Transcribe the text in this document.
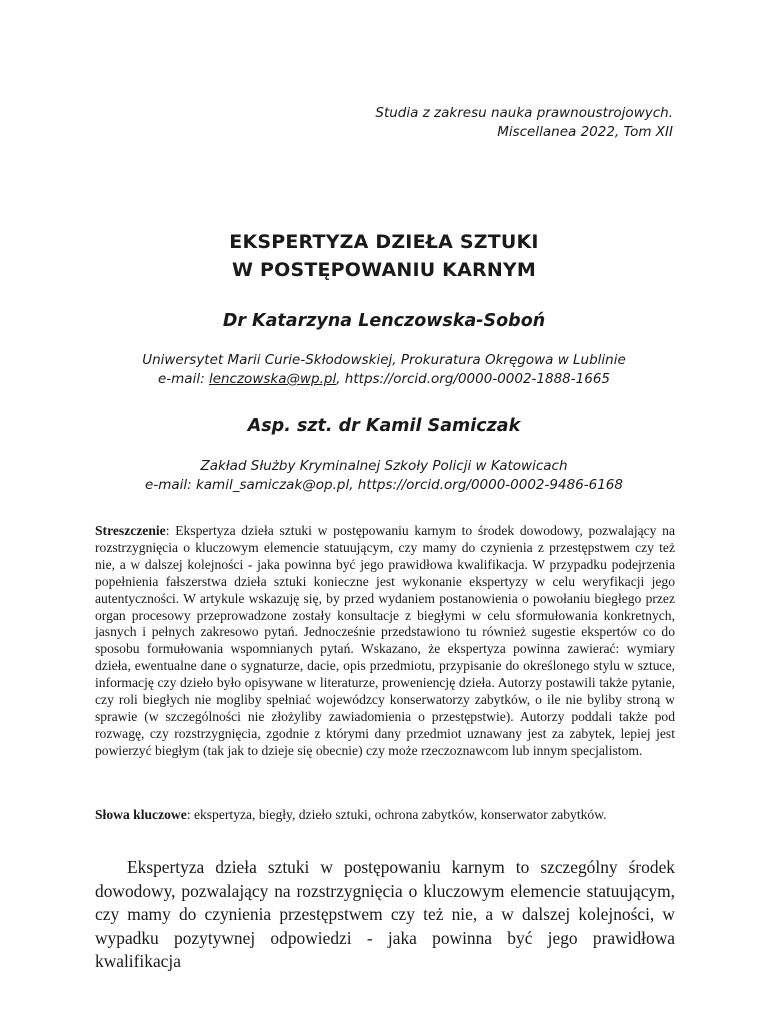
Studia z zakresu nauka prawnoustrojowych.
Miscellanea 2022, Tom XII
EKSPERTYZA DZIEŁA SZTUKI
W POSTĘPOWANIU KARNYM
Dr Katarzyna Lenczowska-Soboń
Uniwersytet Marii Curie-Skłodowskiej, Prokuratura Okręgowa w Lublinie
e-mail: lenczowska@wp.pl, https://orcid.org/0000-0002-1888-1665
Asp. szt. dr Kamil Samiczak
Zakład Służby Kryminalnej Szkoły Policji w Katowicach
e-mail: kamil_samiczak@op.pl, https://orcid.org/0000-0002-9486-6168
Streszczenie: Ekspertyza dzieła sztuki w postępowaniu karnym to środek dowodowy, pozwalający na rozstrzygnięcia o kluczowym elemencie statuującym, czy mamy do czynienia z przestępstwem czy też nie, a w dalszej kolejności - jaka powinna być jego prawidłowa kwalifikacja. W przypadku podejrzenia popełnienia fałszerstwa dzieła sztuki konieczne jest wykonanie ekspertyzy w celu weryfikacji jego autentyczności. W artykule wskazuję się, by przed wydaniem postanowienia o powołaniu biegłego przez organ procesowy przeprowadzone zostały konsultacje z biegłymi w celu sformułowania konkretnych, jasnych i pełnych zakresowo pytań. Jednocześnie przedstawiono tu również sugestie ekspertów co do sposobu formułowania wspomnianych pytań. Wskazano, że ekspertyza powinna zawierać: wymiary dzieła, ewentualne dane o sygnaturze, dacie, opis przedmiotu, przypisanie do określonego stylu w sztuce, informację czy dzieło było opisywane w literaturze, proweniencję dzieła. Autorzy postawili także pytanie, czy roli biegłych nie mogliby spełniać wojewódzcy konserwatorzy zabytków, o ile nie byliby stroną w sprawie (w szczególności nie złożyliby zawiadomienia o przestępstwie). Autorzy poddali także pod rozwagę, czy rozstrzygnięcia, zgodnie z którymi dany przedmiot uznawany jest za zabytek, lepiej jest powierzyć biegłym (tak jak to dzieje się obecnie) czy może rzeczoznawcom lub innym specjalistom.
Słowa kluczowe: ekspertyza, biegły, dzieło sztuki, ochrona zabytków, konserwator zabytków.
Ekspertyza dzieła sztuki w postępowaniu karnym to szczególny środek dowodowy, pozwalający na rozstrzygnięcia o kluczowym elemencie statuującym, czy mamy do czynienia przestępstwem czy też nie, a w dalszej kolejności, w wypadku pozytywnej odpowiedzi - jaka powinna być jego prawidłowa kwalifikacja
